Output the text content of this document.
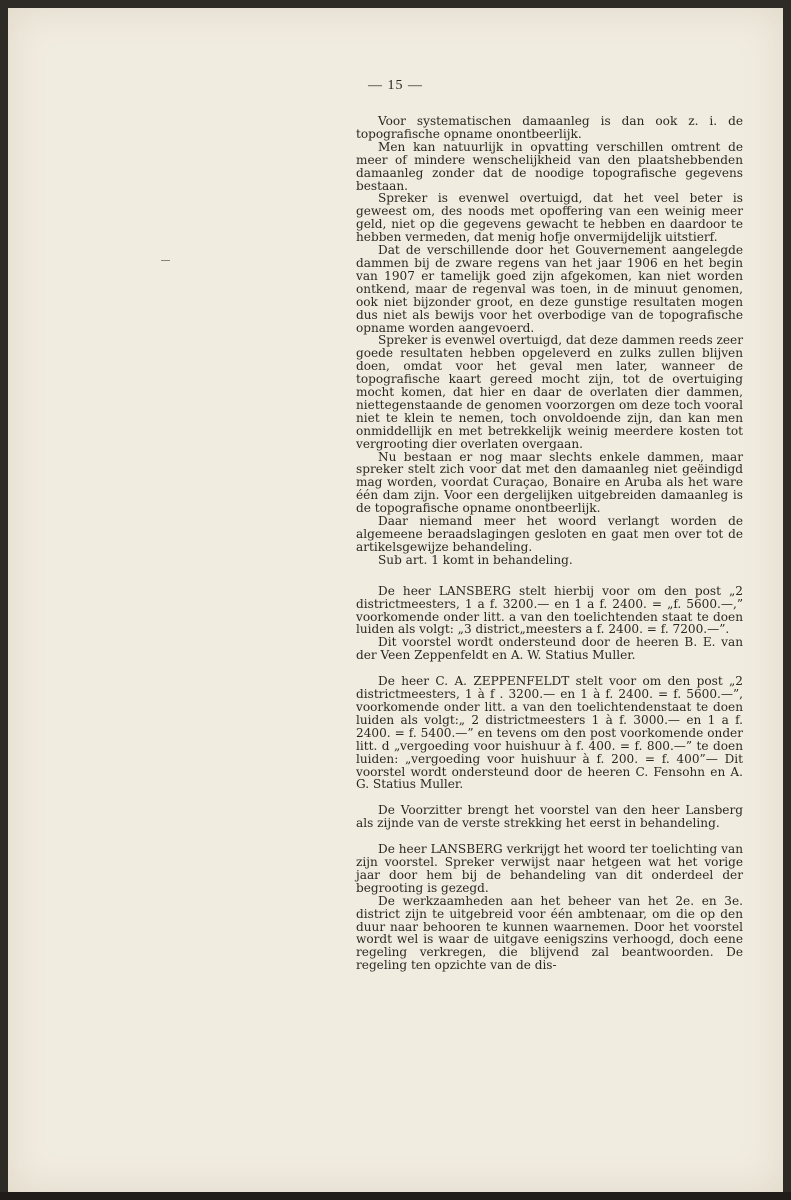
— 15 —

Voor systematischen damaanleg is dan ook z. i. de topografische opname onontbeerlijk.

Men kan natuurlijk in opvatting verschillen omtrent de meer of mindere wenschelijkheid van den plaatshebbenden damaanleg zonder dat de noodige topografische gegevens bestaan.

Spreker is evenwel overtuigd, dat het veel beter is geweest om, des noods met opoffering van een weinig meer geld, niet op die gegevens gewacht te hebben en daardoor te hebben vermeden, dat menig hofje onvermijdelijk uitstierf.

Dat de verschillende door het Gouvernement aangelegde dammen bij de zware regens van het jaar 1906 en het begin van 1907 er tamelijk goed zijn afgekomen, kan niet worden ontkend, maar de regenval was toen, in de minuut genomen, ook niet bijzonder groot, en deze gunstige resultaten mogen dus niet als bewijs voor het overbodige van de topografische opname worden aangevoerd.

Spreker is evenwel overtuigd, dat deze dammen reeds zeer goede resultaten hebben opgeleverd en zulks zullen blijven doen, omdat voor het geval men later, wanneer de topografische kaart gereed mocht zijn, tot de overtuiging mocht komen, dat hier en daar de overlaten dier dammen, niettegenstaande de genomen voorzorgen om deze toch vooral niet te klein te nemen, toch onvoldoende zijn, dan kan men onmiddellijk en met betrekkelijk weinig meerdere kosten tot vergrooting dier overlaten overgaan.

Nu bestaan er nog maar slechts enkele dammen, maar spreker stelt zich voor dat met den damaanleg niet geëindigd mag worden, voordat Curaçao, Bonaire en Aruba als het ware één dam zijn. Voor een dergelijken uitgebreiden damaanleg is de topografische opname onontbeerlijk.

Daar niemand meer het woord verlangt worden de algemeene beraadslagingen gesloten en gaat men over tot de artikelsgewijze behandeling.

Sub art. 1 komt in behandeling.

De heer LANSBERG stelt hierbij voor om den post „2 districtmeesters, 1 a f. 3200.— en 1 a f. 2400. = „f. 5600.—,” voorkomende onder litt. a van den toelichtenden staat te doen luiden als volgt: „3 district„meesters a f. 2400. = f. 7200.—”.

Dit voorstel wordt ondersteund door de heeren B. E. van der Veen Zeppenfeldt en A. W. Statius Muller.

De heer C. A. ZEPPENFELDT stelt voor om den post „2 districtmeesters, 1 à f . 3200.— en 1 à f. 2400. = f. 5600.—”, voorkomende onder litt. a van den toelichtendenstaat te doen luiden als volgt:„ 2 districtmeesters 1 à f. 3000.— en 1 a f. 2400. = f. 5400.—” en tevens om den post voorkomende onder litt. d „vergoeding voor huishuur à f. 400. = f. 800.—” te doen luiden: „vergoeding voor huishuur à f. 200. = f. 400”— Dit voorstel wordt ondersteund door de heeren C. Fensohn en A. G. Statius Muller.

De Voorzitter brengt het voorstel van den heer Lansberg als zijnde van de verste strekking het eerst in behandeling.

De heer LANSBERG verkrijgt het woord ter toelichting van zijn voorstel. Spreker verwijst naar hetgeen wat het vorige jaar door hem bij de behandeling van dit onderdeel der begrooting is gezegd.

De werkzaamheden aan het beheer van het 2e. en 3e. district zijn te uitgebreid voor één ambtenaar, om die op den duur naar behooren te kunnen waarnemen. Door het voorstel wordt wel is waar de uitgave eenigszins verhoogd, doch eene regeling verkregen, die blijvend zal beantwoorden. De regeling ten opzichte van de dis-
